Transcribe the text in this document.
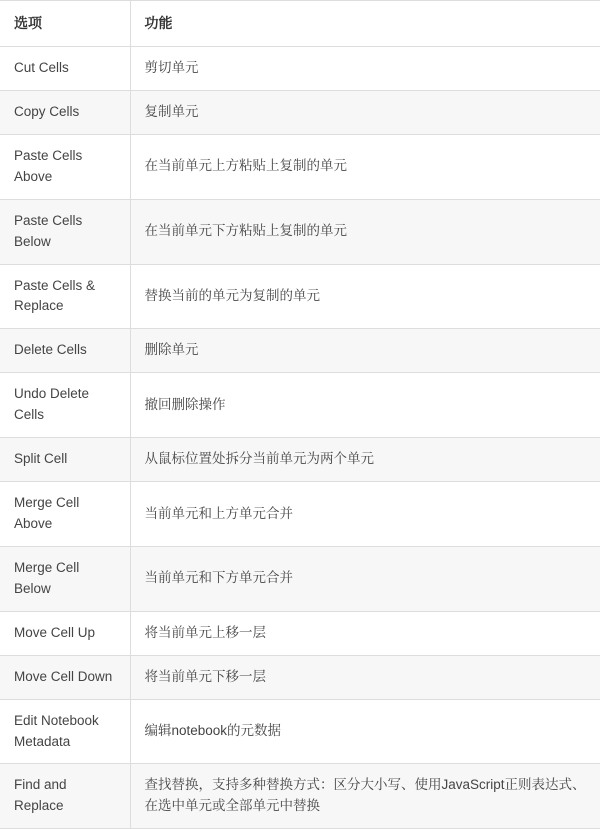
选项	功能
Cut Cells	剪切单元
Copy Cells	复制单元
Paste Cells Above	在当前单元上方粘贴上复制的单元
Paste Cells Below	在当前单元下方粘贴上复制的单元
Paste Cells & Replace	替换当前的单元为复制的单元
Delete Cells	删除单元
Undo Delete Cells	撤回删除操作
Split Cell	从鼠标位置处拆分当前单元为两个单元
Merge Cell Above	当前单元和上方单元合并
Merge Cell Below	当前单元和下方单元合并
Move Cell Up	将当前单元上移一层
Move Cell Down	将当前单元下移一层
Edit Notebook Metadata	编辑notebook的元数据
Find and Replace	查找替换，支持多种替换方式：区分大小写、使用JavaScript正则表达式、在选中单元或全部单元中替换
